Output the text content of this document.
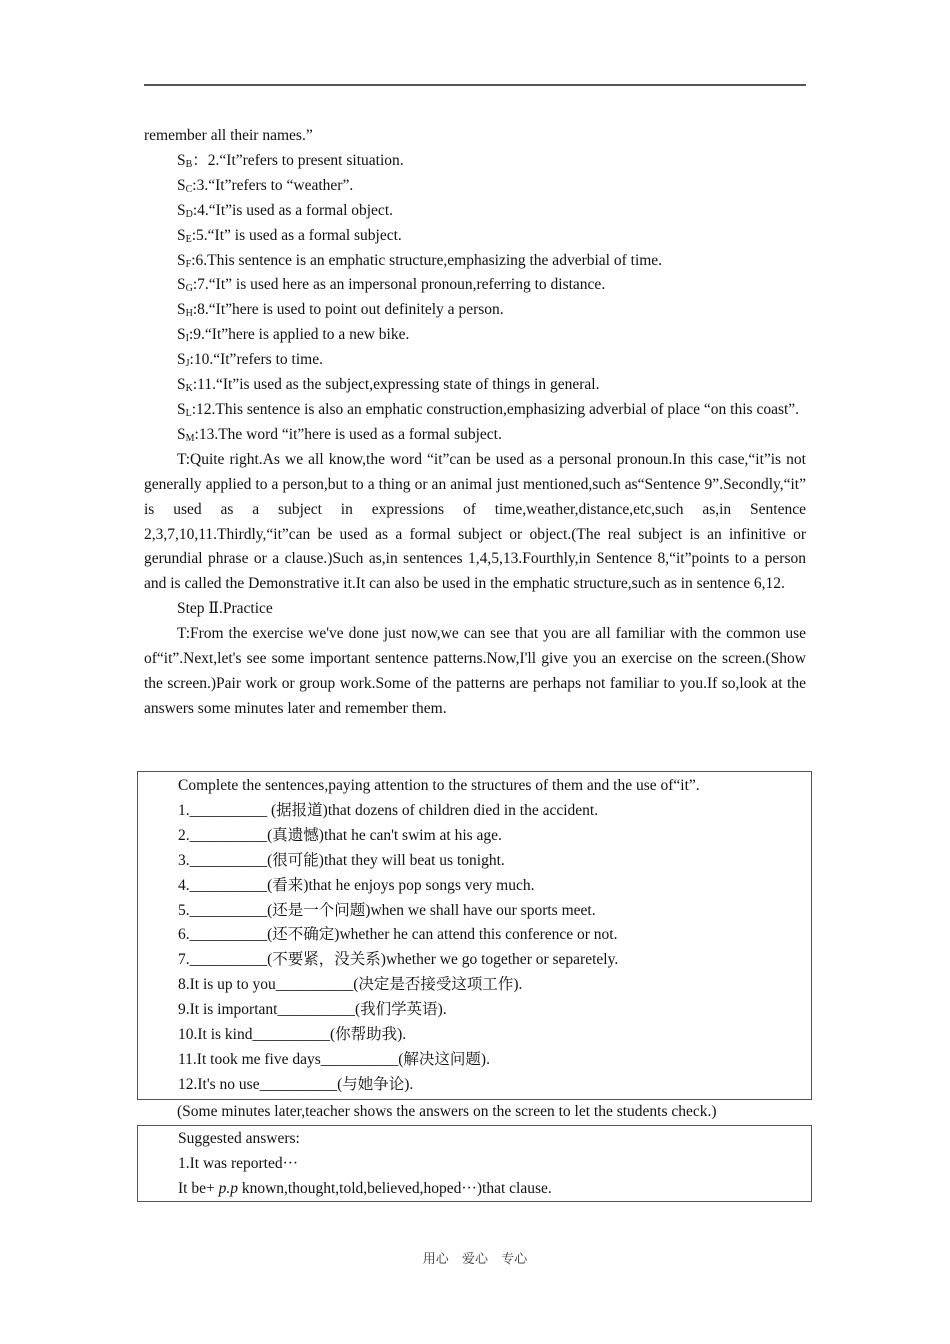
remember all their names.”

$S_B$：2.“It”refers to present situation.

$S_C:3.“It”refers$ to “weather”.

$S_D:4.“It”is$ used as a formal object.

$S_E:5.“It$” is used as a formal subject.

$S_F:6.This$ sentence is an emphatic structure,emphasizing the adverbial of time.

$S_G:7.“It$” is used here as an impersonal pronoun,referring to distance.

$S_H:8.“It”here$ is used to point out definitely a person.

$S_I:9.“It”here$ is applied to a new bike.

$S_J:10.“It”refers$ to time.

$S_K:11.“It”is$ used as the subject,expressing state of things in general.

$S_L:12.This$ sentence is also an emphatic construction,emphasizing adverbial of place “on this coast”.

$S_M:13.The$ word “it”here is used as a formal subject.

T:Quite right.As we all know,the word “it”can be used as a personal pronoun.In this case,“it”is not generally applied to a person,but to a thing or an animal just mentioned,such as“Sentence 9”.Secondly,“it” is used as a subject in expressions of time,weather,distance,etc,such as,in Sentence 2,3,7,10,11.Thirdly,“it”can be used as a formal subject or object.(The real subject is an infinitive or gerundial phrase or a clause.)Such as,in sentences 1,4,5,13.Fourthly,in Sentence 8,“it”points to a person and is called the Demonstrative it.It can also be used in the emphatic structure,such as in sentence 6,12.

Step Ⅱ.Practice

T:From the exercise we've done just now,we can see that you are all familiar with the common use of“it”.Next,let's see some important sentence patterns.Now,I'll give you an exercise on the screen.(Show the screen.)Pair work or group work.Some of the patterns are perhaps not familiar to you.If so,look at the answers some minutes later and remember them.

Complete the sentences,paying attention to the structures of them and the use of“it”.
1.__________ (据报道)that dozens of children died in the accident.
2.__________(真遗憾)that he can't swim at his age.
3.__________(很可能)that they will beat us tonight.
4.__________(看来)that he enjoys pop songs very much.
5.__________(还是一个问题)when we shall have our sports meet.
6.__________(还不确定)whether he can attend this conference or not.
7.__________(不要紧，没关系)whether we go together or separetely.
8.It is up to you__________(决定是否接受这项工作).
9.It is important__________(我们学英语).
10.It is kind__________(你帮助我).
11.It took me five days__________(解决这问题).
12.It's no use__________(与她争论).
(Some minutes later,teacher shows the answers on the screen to let the students check.)
Suggested answers:
1.It was reported···
It be+ p.p known,thought,told,believed,hoped···)that clause.
用心 爱心 专心
